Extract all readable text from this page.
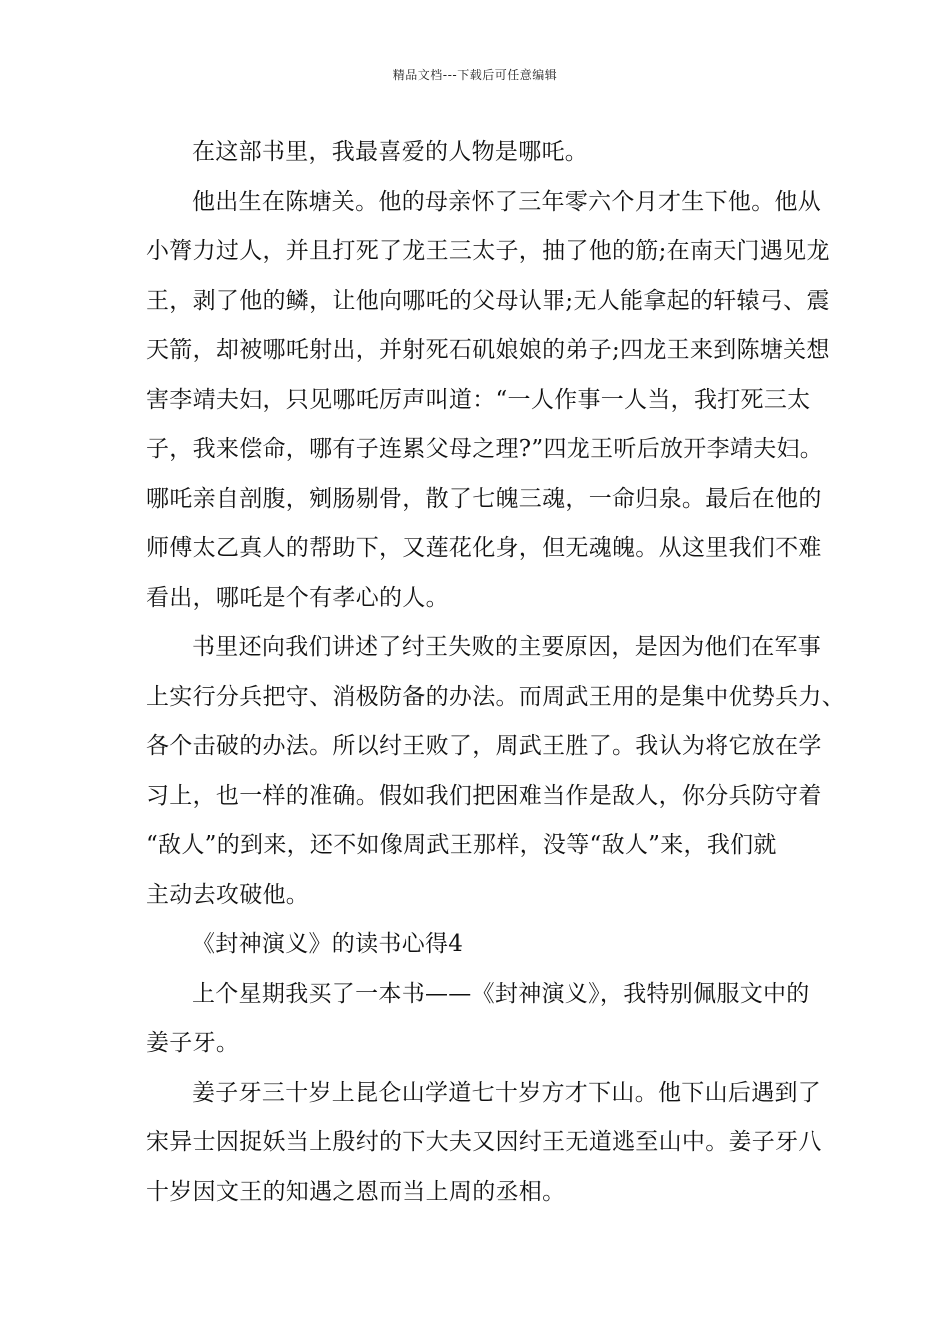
精品文档---下载后可任意编辑
在这部书里，我最喜爱的人物是哪吒。
他出生在陈塘关。他的母亲怀了三年零六个月才生下他。他从
小膂力过人，并且打死了龙王三太子，抽了他的筋;在南天门遇见龙
王，剥了他的鳞，让他向哪吒的父母认罪;无人能拿起的轩辕弓、震
天箭，却被哪吒射出，并射死石矶娘娘的弟子;四龙王来到陈塘关想
害李靖夫妇，只见哪吒厉声叫道：“一人作事一人当，我打死三太
子，我来偿命，哪有子连累父母之理?”四龙王听后放开李靖夫妇。
哪吒亲自剖腹，剜肠剔骨，散了七魄三魂，一命归泉。最后在他的
师傅太乙真人的帮助下，又莲花化身，但无魂魄。从这里我们不难
看出，哪吒是个有孝心的人。
书里还向我们讲述了纣王失败的主要原因，是因为他们在军事
上实行分兵把守、消极防备的办法。而周武王用的是集中优势兵力、
各个击破的办法。所以纣王败了，周武王胜了。我认为将它放在学
习上，也一样的准确。假如我们把困难当作是敌人，你分兵防守着
“敌人”的到来，还不如像周武王那样，没等“敌人”来，我们就
主动去攻破他。
《封神演义》的读书心得4
上个星期我买了一本书——《封神演义》，我特别佩服文中的
姜子牙。
姜子牙三十岁上昆仑山学道七十岁方才下山。他下山后遇到了
宋异士因捉妖当上殷纣的下大夫又因纣王无道逃至山中。姜子牙八
十岁因文王的知遇之恩而当上周的丞相。
